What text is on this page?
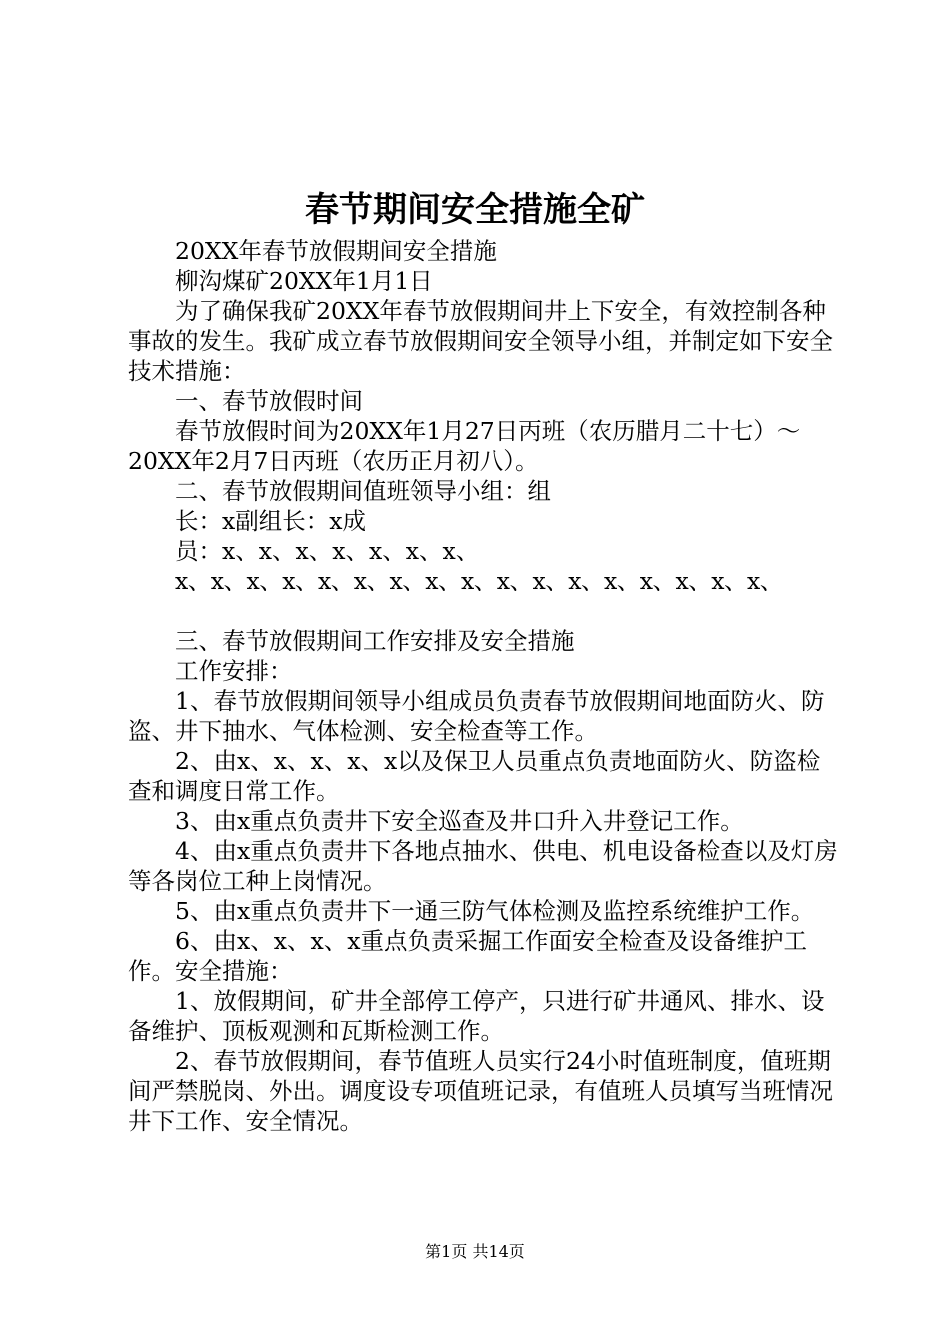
春节期间安全措施全矿

20XX年春节放假期间安全措施

柳沟煤矿20XX年1月1日

为了确保我矿20XX年春节放假期间井上下安全，有效控制各种事故的发生。我矿成立春节放假期间安全领导小组，并制定如下安全技术措施：

一、春节放假时间

春节放假时间为20XX年1月27日丙班（农历腊月二十七）～20XX年2月7日丙班（农历正月初八）。

二、春节放假期间值班领导小组：组

长：x副组长：x成

员：x、x、x、x、x、x、x、

x、x、x、x、x、x、x、x、x、x、x、x、x、x、x、x、x、

三、春节放假期间工作安排及安全措施

工作安排：

1、春节放假期间领导小组成员负责春节放假期间地面防火、防盗、井下抽水、气体检测、安全检查等工作。

2、由x、x、x、x、x以及保卫人员重点负责地面防火、防盗检查和调度日常工作。

3、由x重点负责井下安全巡查及井口升入井登记工作。

4、由x重点负责井下各地点抽水、供电、机电设备检查以及灯房等各岗位工种上岗情况。

5、由x重点负责井下一通三防气体检测及监控系统维护工作。

6、由x、x、x、x重点负责采掘工作面安全检查及设备维护工作。安全措施：

1、放假期间，矿井全部停工停产，只进行矿井通风、排水、设备维护、顶板观测和瓦斯检测工作。

2、春节放假期间，春节值班人员实行24小时值班制度，值班期间严禁脱岗、外出。调度设专项值班记录，有值班人员填写当班情况井下工作、安全情况。

第1页 共14页
